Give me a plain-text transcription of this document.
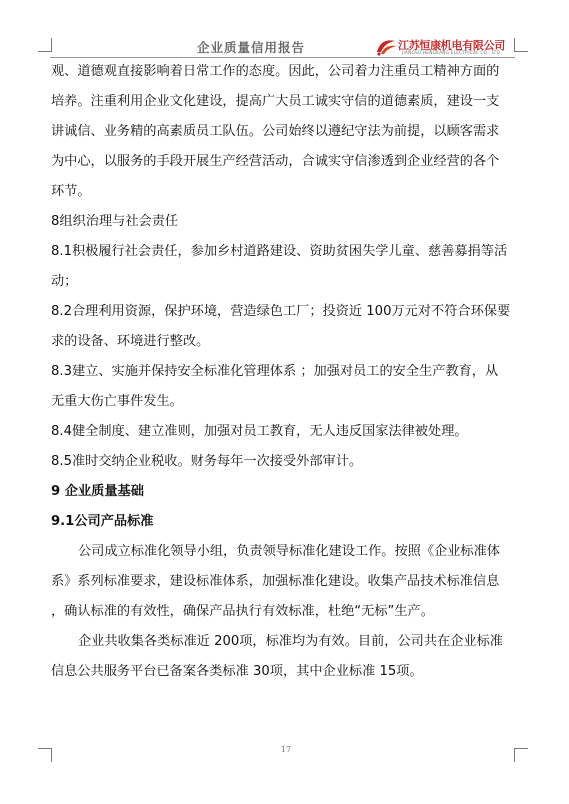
企业质量信用报告	江苏恒康机电有限公司
JIANGSU HENGKANG ELECTRICAL CO., LTD.
观、道德观直接影响着日常工作的态度。因此，公司着力注重员工精神方面的
培养。注重利用企业文化建设，提高广大员工诚实守信的道德素质，建设一支
讲诚信、业务精的高素质员工队伍。公司始终以遵纪守法为前提，以顾客需求
为中心，以服务的手段开展生产经营活动，合诚实守信渗透到企业经营的各个
环节。
8组织治理与社会责任
8.1积极履行社会责任，参加乡村道路建设、资助贫困失学儿童、慈善募捐等活
动；
8.2合理利用资源，保护环境，营造绿色工厂；投资近 100万元对不符合环保要
求的设备、环境进行整改。
8.3建立、实施并保持安全标准化管理体系 ；加强对员工的安全生产教育，从
无重大伤亡事件发生。
8.4健全制度、建立准则，加强对员工教育，无人违反国家法律被处理。
8.5准时交纳企业税收。财务每年一次接受外部审计。
9 企业质量基础
9.1公司产品标准
公司成立标准化领导小组，负责领导标准化建设工作。按照《企业标准体
系》系列标准要求，建设标准体系，加强标准化建设。收集产品技术标准信息
，确认标准的有效性，确保产品执行有效标准，杜绝“无标”生产。
企业共收集各类标准近 200项，标准均为有效。目前，公司共在企业标准
信息公共服务平台已备案各类标准 30项，其中企业标准 15项。
17
